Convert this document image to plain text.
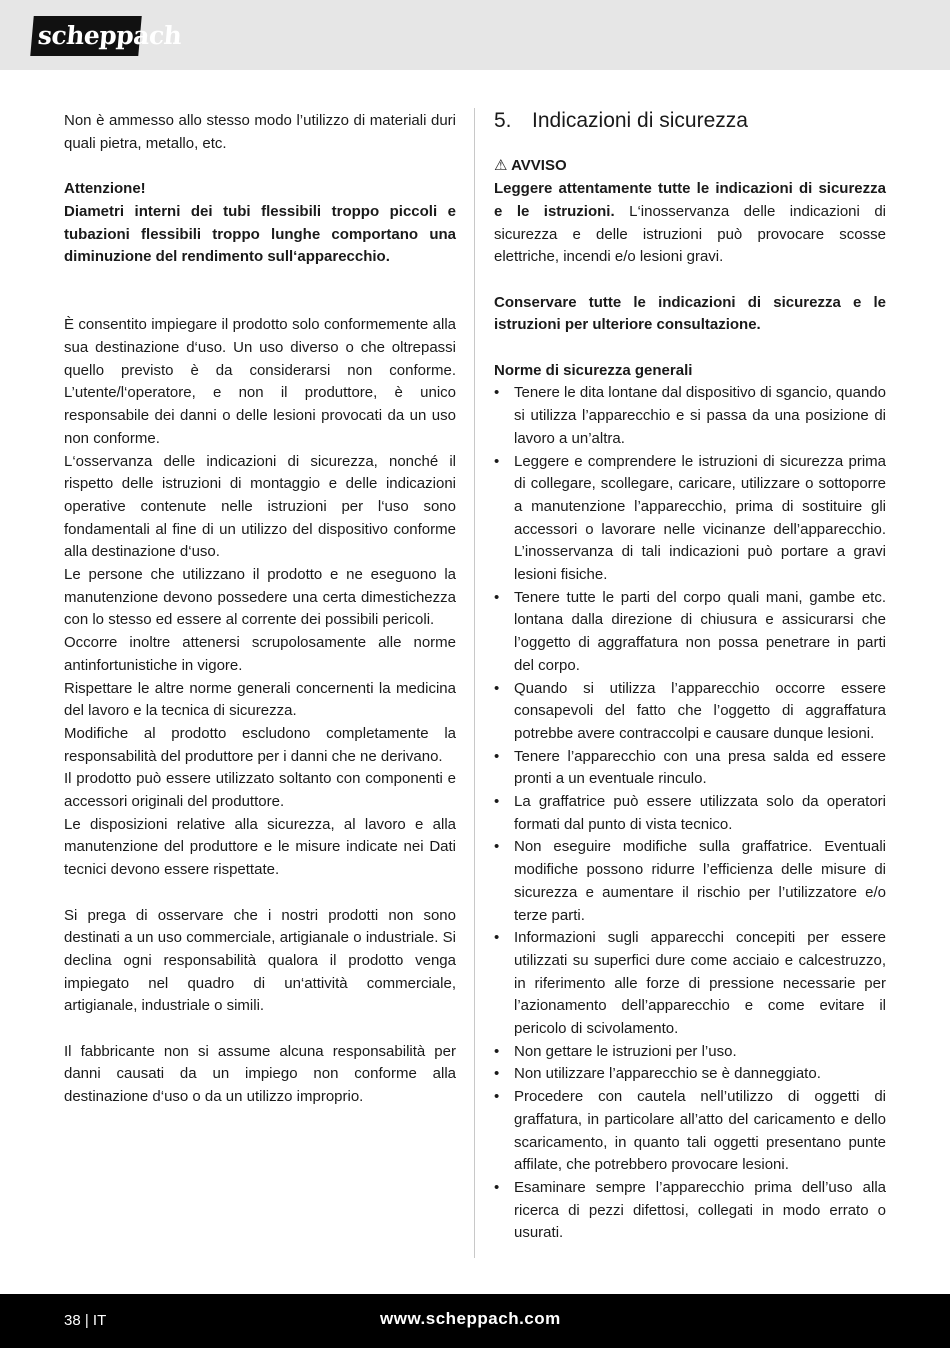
scheppach

Non è ammesso allo stesso modo l’utilizzo di materiali duri quali pietra, metallo, etc.

Attenzione!

Diametri interni dei tubi flessibili troppo piccoli e tubazioni flessibili troppo lunghe comportano una diminuzione del rendimento sull‘apparecchio.

È consentito impiegare il prodotto solo conformemente alla sua destinazione d‘uso. Un uso diverso o che oltrepassi quello previsto è da considerarsi non conforme. L’utente/l‘operatore, e non il produttore, è unico responsabile dei danni o delle lesioni provocati da un uso non conforme.

L‘osservanza delle indicazioni di sicurezza, nonché il rispetto delle istruzioni di montaggio e delle indicazioni operative contenute nelle istruzioni per l‘uso sono fondamentali al fine di un utilizzo del dispositivo conforme alla destinazione d‘uso.

Le persone che utilizzano il prodotto e ne eseguono la manutenzione devono possedere una certa dimestichezza con lo stesso ed essere al corrente dei possibili pericoli.

Occorre inoltre attenersi scrupolosamente alle norme antinfortunistiche in vigore.

Rispettare le altre norme generali concernenti la medicina del lavoro e la tecnica di sicurezza.

Modifiche al prodotto escludono completamente la responsabilità del produttore per i danni che ne derivano.

Il prodotto può essere utilizzato soltanto con componenti e accessori originali del produttore.

Le disposizioni relative alla sicurezza, al lavoro e alla manutenzione del produttore e le misure indicate nei Dati tecnici devono essere rispettate.

Si prega di osservare che i nostri prodotti non sono destinati a un uso commerciale, artigianale o industriale. Si declina ogni responsabilità qualora il prodotto venga impiegato nel quadro di un‘attività commerciale, artigianale, industriale o simili.

Il fabbricante non si assume alcuna responsabilità per danni causati da un impiego non conforme alla destinazione d‘uso o da un utilizzo improprio.

5. Indicazioni di sicurezza

⚠ AVVISO

Leggere attentamente tutte le indicazioni di sicurezza e le istruzioni. L‘inosservanza delle indicazioni di sicurezza e delle istruzioni può provocare scosse elettriche, incendi e/o lesioni gravi.

Conservare tutte le indicazioni di sicurezza e le istruzioni per ulteriore consultazione.

Norme di sicurezza generali

• Tenere le dita lontane dal dispositivo di sgancio, quando si utilizza l’apparecchio e si passa da una posizione di lavoro a un’altra.
• Leggere e comprendere le istruzioni di sicurezza prima di collegare, scollegare, caricare, utilizzare o sottoporre a manutenzione l’apparecchio, prima di sostituire gli accessori o lavorare nelle vicinanze dell’apparecchio. L’inosservanza di tali indicazioni può portare a gravi lesioni fisiche.
• Tenere tutte le parti del corpo quali mani, gambe etc. lontana dalla direzione di chiusura e assicurarsi che l’oggetto di aggraffatura non possa penetrare in parti del corpo.
• Quando si utilizza l’apparecchio occorre essere consapevoli del fatto che l’oggetto di aggraffatura potrebbe avere contraccolpi e causare dunque lesioni.
• Tenere l’apparecchio con una presa salda ed essere pronti a un eventuale rinculo.
• La graffatrice può essere utilizzata solo da operatori formati dal punto di vista tecnico.
• Non eseguire modifiche sulla graffatrice. Eventuali modifiche possono ridurre l’efficienza delle misure di sicurezza e aumentare il rischio per l’utilizzatore e/o terze parti.
• Informazioni sugli apparecchi concepiti per essere utilizzati su superfici dure come acciaio e calcestruzzo, in riferimento alle forze di pressione necessarie per l’azionamento dell’apparecchio e come evitare il pericolo di scivolamento.
• Non gettare le istruzioni per l’uso.
• Non utilizzare l’apparecchio se è danneggiato.
• Procedere con cautela nell’utilizzo di oggetti di graffatura, in particolare all’atto del caricamento e dello scaricamento, in quanto tali oggetti presentano punte affilate, che potrebbero provocare lesioni.
• Esaminare sempre l’apparecchio prima dell’uso alla ricerca di pezzi difettosi, collegati in modo errato o usurati.
38 | IT	www.scheppach.com
